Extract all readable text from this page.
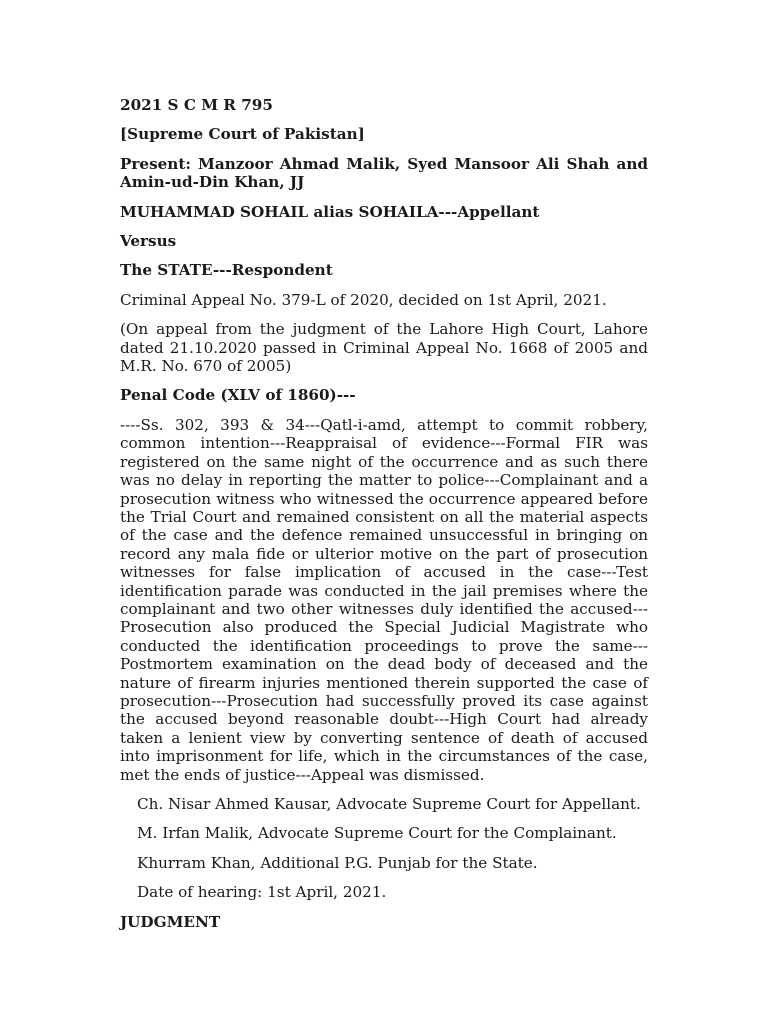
2021 S C M R 795

[Supreme Court of Pakistan]

Present: Manzoor Ahmad Malik, Syed Mansoor Ali Shah and Amin-ud-Din Khan, JJ

MUHAMMAD SOHAIL alias SOHAILA---Appellant

Versus

The STATE---Respondent

Criminal Appeal No. 379-L of 2020, decided on 1st April, 2021.

(On appeal from the judgment of the Lahore High Court, Lahore dated 21.10.2020 passed in Criminal Appeal No. 1668 of 2005 and M.R. No. 670 of 2005)

Penal Code (XLV of 1860)---

----Ss. 302, 393 & 34---Qatl-i-amd, attempt to commit robbery, common intention---Reappraisal of evidence---Formal FIR was registered on the same night of the occurrence and as such there was no delay in reporting the matter to police---Complainant and a prosecution witness who witnessed the occurrence appeared before the Trial Court and remained consistent on all the material aspects of the case and the defence remained unsuccessful in bringing on record any mala fide or ulterior motive on the part of prosecution witnesses for false implication of accused in the case---Test identification parade was conducted in the jail premises where the complainant and two other witnesses duly identified the accused---Prosecution also produced the Special Judicial Magistrate who conducted the identification proceedings to prove the same---Postmortem examination on the dead body of deceased and the nature of firearm injuries mentioned therein supported the case of prosecution---Prosecution had successfully proved its case against the accused beyond reasonable doubt---High Court had already taken a lenient view by converting sentence of death of accused into imprisonment for life, which in the circumstances of the case, met the ends of justice---Appeal was dismissed.

Ch. Nisar Ahmed Kausar, Advocate Supreme Court for Appellant.

M. Irfan Malik, Advocate Supreme Court for the Complainant.

Khurram Khan, Additional P.G. Punjab for the State.

Date of hearing: 1st April, 2021.

JUDGMENT
